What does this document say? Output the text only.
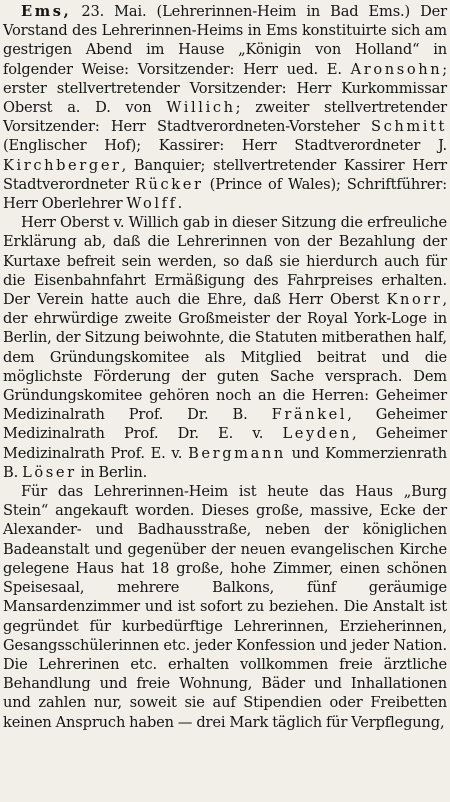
Ems, 23. Mai. (Lehrerinnen-Heim in Bad Ems.) Der Vorstand des Lehrerinnen-Heims in Ems konstituirte sich am gestrigen Abend im Hause „Königin von Holland“ in folgender Weise: Vorsitzender: Herr ued. E. Aronsohn; erster stellvertretender Vorsitzender: Herr Kurkommissar Oberst a. D. von Willich; zweiter stellvertretender Vorsitzender: Herr Stadtverordneten-Vorsteher Schmitt (Englischer Hof); Kassirer: Herr Stadtverordneter J. Kirchberger, Banquier; stellvertretender Kassirer Herr Stadtverordneter Rücker (Prince of Wales); Schriftführer: Herr Oberlehrer Wolff.

Herr Oberst v. Willich gab in dieser Sitzung die erfreuliche Erklärung ab, daß die Lehrerinnen von der Bezahlung der Kurtaxe befreit sein werden, so daß sie hierdurch auch für die Eisenbahnfahrt Ermäßigung des Fahrpreises erhalten. Der Verein hatte auch die Ehre, daß Herr Oberst Knorr, der ehrwürdige zweite Großmeister der Royal York-Loge in Berlin, der Sitzung beiwohnte, die Statuten mitberathen half, dem Gründungskomitee als Mitglied beitrat und die möglichste Förderung der guten Sache versprach. Dem Gründungskomitee gehören noch an die Herren: Geheimer Medizinalrath Prof. Dr. B. Fränkel, Geheimer Medizinalrath Prof. Dr. E. v. Leyden, Geheimer Medizinalrath Prof. E. v. Bergmann und Kommerzienrath B. Löser in Berlin.

Für das Lehrerinnen-Heim ist heute das Haus „Burg Stein“ angekauft worden. Dieses große, massive, Ecke der Alexander- und Badhausstraße, neben der königlichen Badeanstalt und gegenüber der neuen evangelischen Kirche gelegene Haus hat 18 große, hohe Zimmer, einen schönen Speisesaal, mehrere Balkons, fünf geräumige Mansardenzimmer und ist sofort zu beziehen. Die Anstalt ist gegründet für kurbedürftige Lehrerinnen, Erzieherinnen, Gesangsschülerinnen etc. jeder Konfession und jeder Nation. Die Lehrerinen etc. erhalten vollkommen freie ärztliche Behandlung und freie Wohnung, Bäder und Inhallationen und zahlen nur, soweit sie auf Stipendien oder Freibetten keinen Anspruch haben — drei Mark täglich für Verpflegung,
